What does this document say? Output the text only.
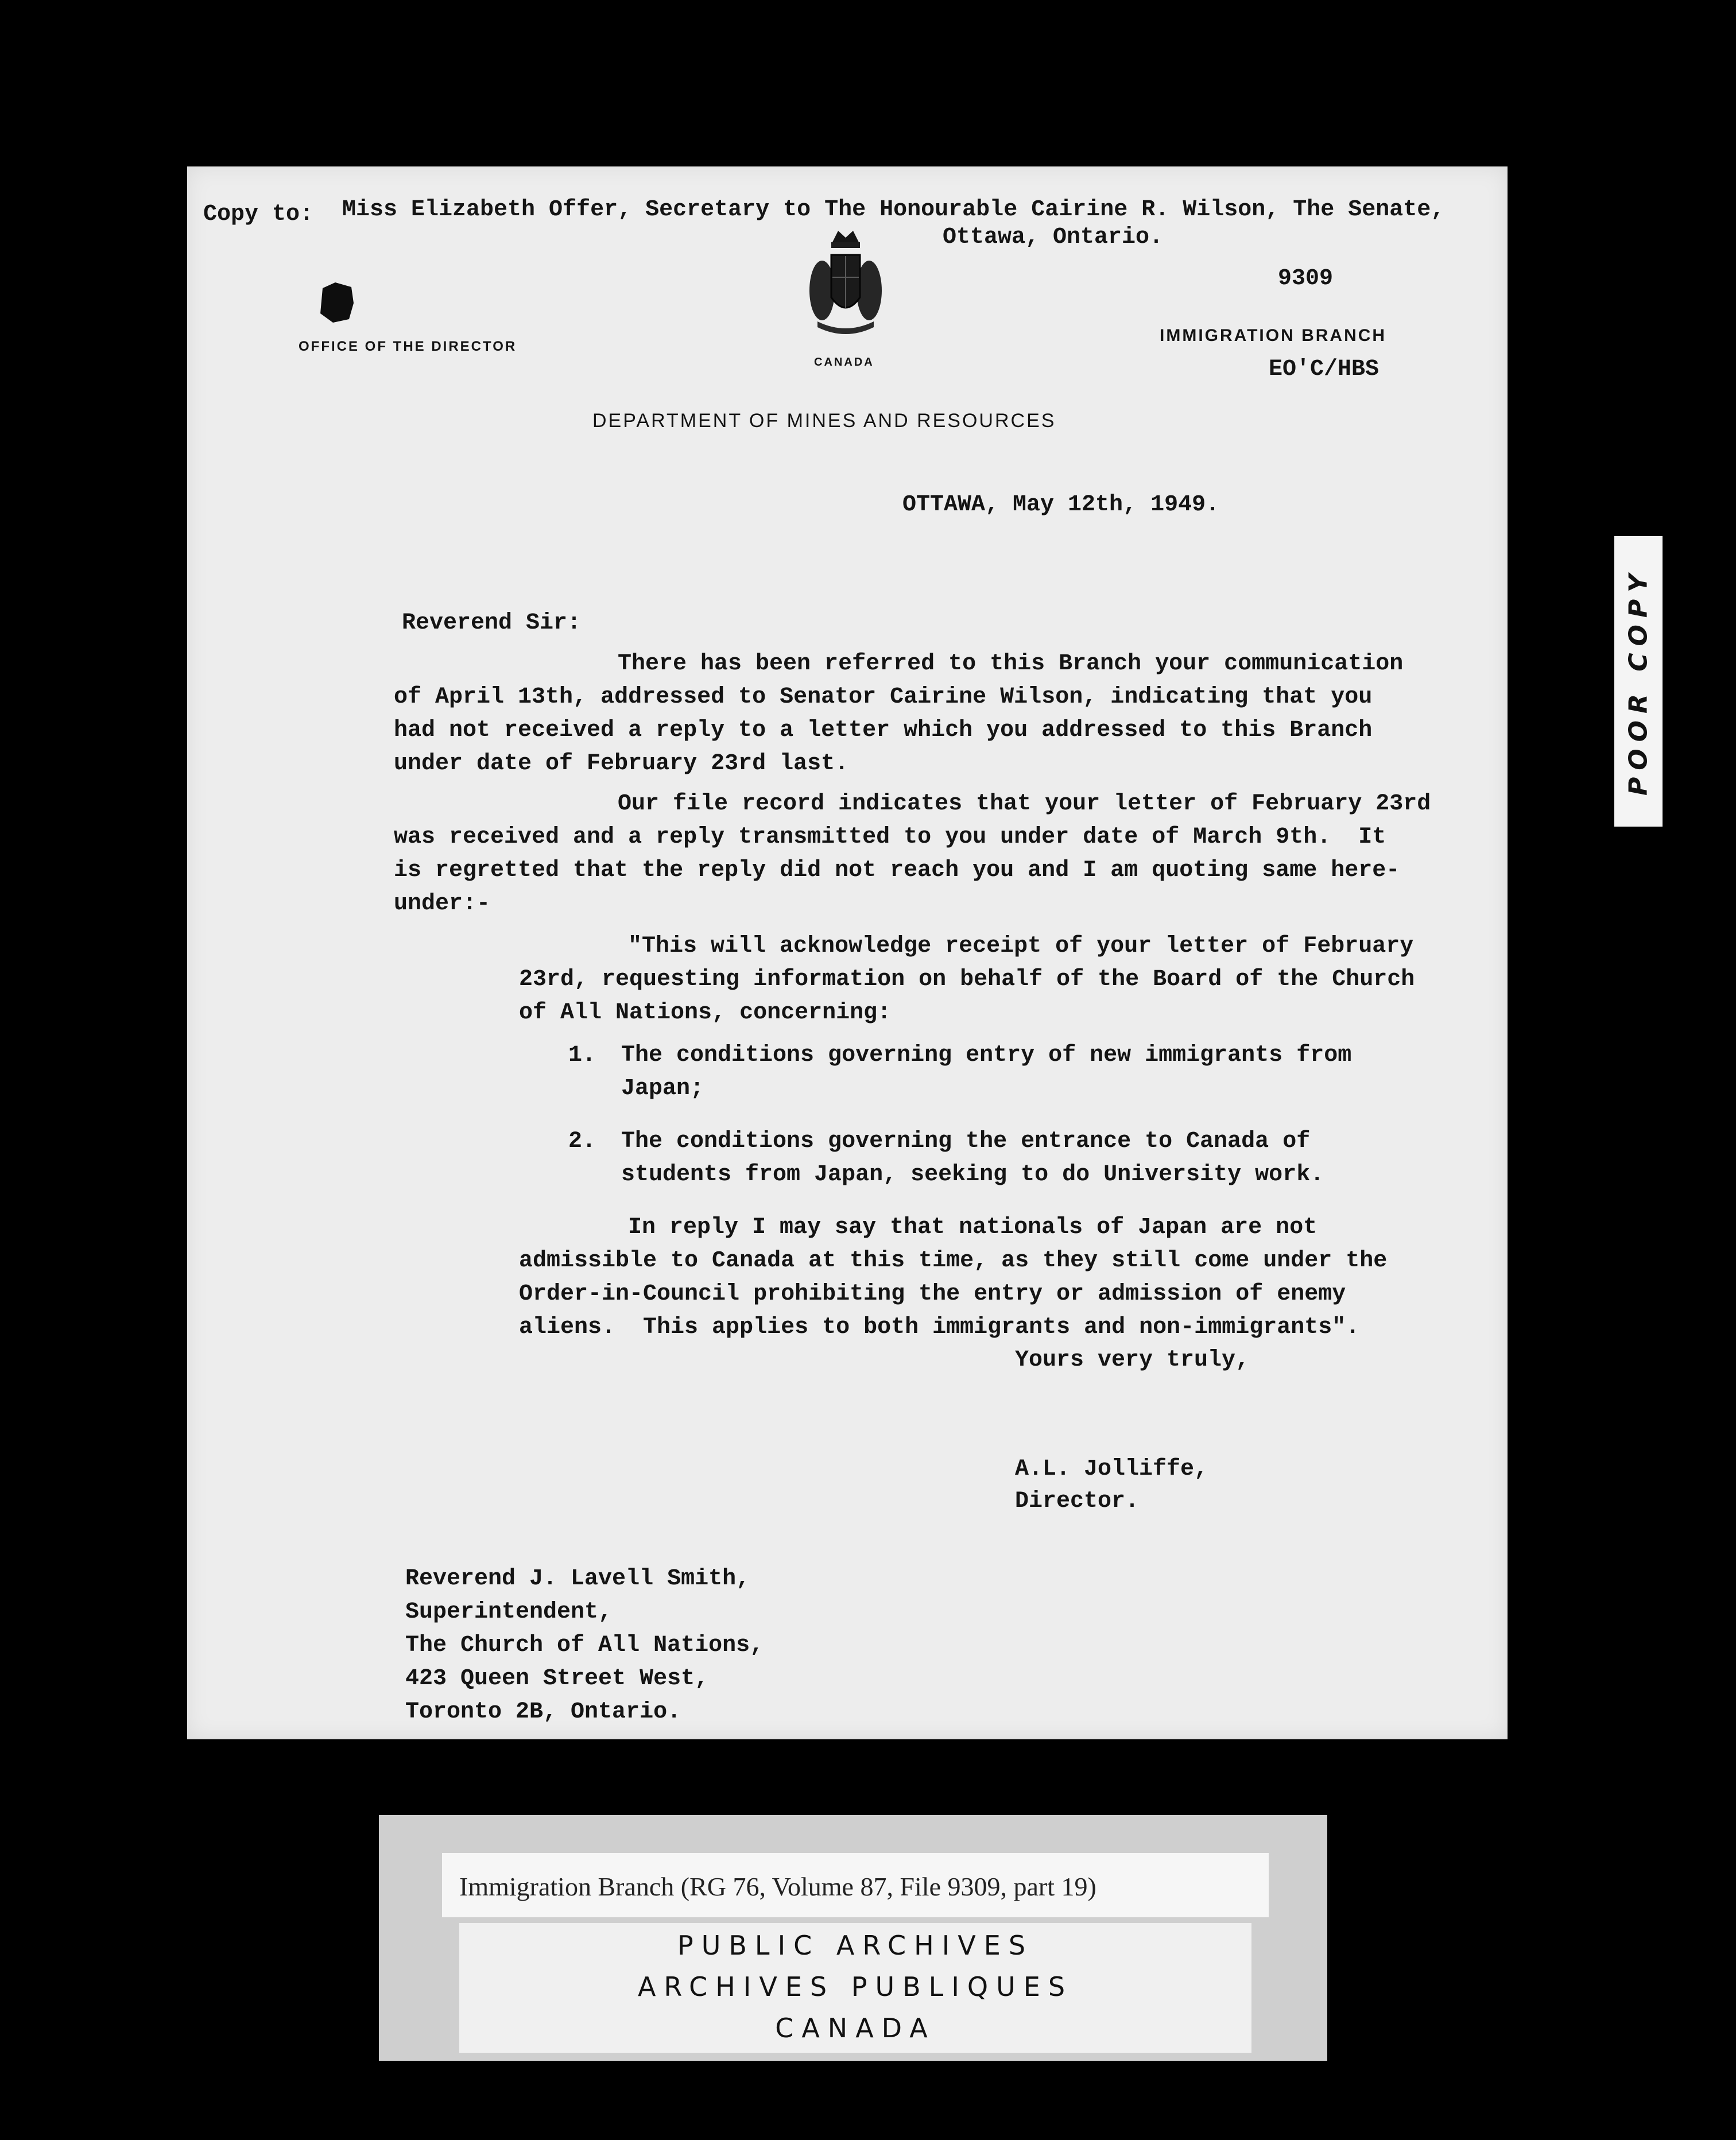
Copy to: Miss Elizabeth Offer, Secretary to The Honourable Cairine R. Wilson, The Senate,
Ottawa, Ontario.
9309
OFFICE OF THE DIRECTOR
CANADA
IMMIGRATION BRANCH
EO'C/HBS
DEPARTMENT OF MINES AND RESOURCES
OTTAWA, May 12th, 1949.
Reverend Sir:

There has been referred to this Branch your communication

of April 13th, addressed to Senator Cairine Wilson, indicating that you

had not received a reply to a letter which you addressed to this Branch

under date of February 23rd last.

Our file record indicates that your letter of February 23rd

was received and a reply transmitted to you under date of March 9th.  It

is regretted that the reply did not reach you and I am quoting same here-

under:-

"This will acknowledge receipt of your letter of February

23rd, requesting information on behalf of the Board of the Church

of All Nations, concerning:

1. The conditions governing entry of new immigrants from

Japan;

2. The conditions governing the entrance to Canada of

students from Japan, seeking to do University work.

In reply I may say that nationals of Japan are not

admissible to Canada at this time, as they still come under the

Order-in-Council prohibiting the entry or admission of enemy

aliens.  This applies to both immigrants and non-immigrants".

Yours very truly,
A.L. Jolliffe,
Director.

Reverend J. Lavell Smith,

Superintendent,

The Church of All Nations,

423 Queen Street West,

Toronto 2B, Ontario.

POOR COPY
Immigration Branch (RG 76, Volume 87, File 9309, part 19)
PUBLIC ARCHIVES
ARCHIVES PUBLIQUES
CANADA
